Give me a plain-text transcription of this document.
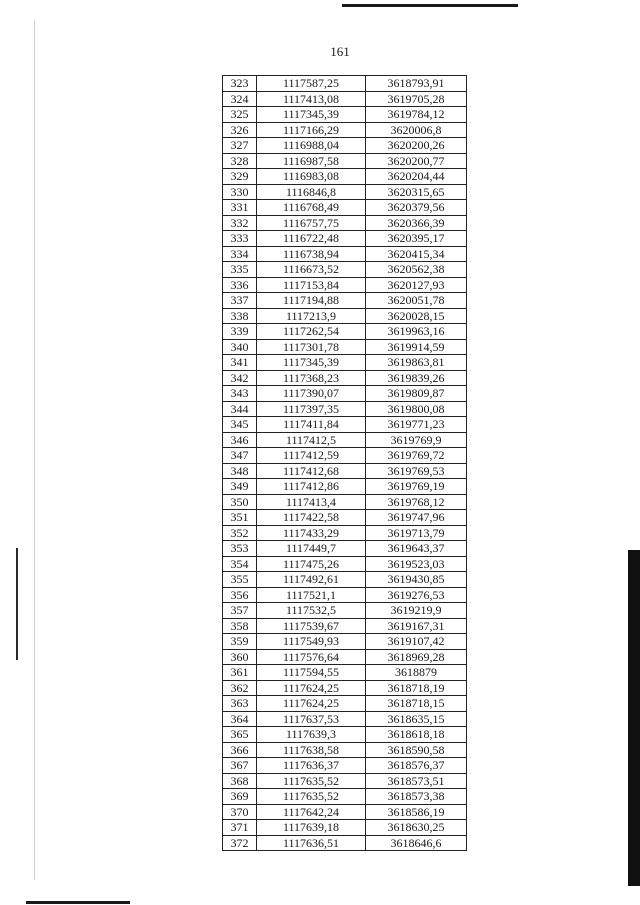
161
323	1117587,25	3618793,91
324	1117413,08	3619705,28
325	1117345,39	3619784,12
326	1117166,29	3620006,8
327	1116988,04	3620200,26
328	1116987,58	3620200,77
329	1116983,08	3620204,44
330	1116846,8	3620315,65
331	1116768,49	3620379,56
332	1116757,75	3620366,39
333	1116722,48	3620395,17
334	1116738,94	3620415,34
335	1116673,52	3620562,38
336	1117153,84	3620127,93
337	1117194,88	3620051,78
338	1117213,9	3620028,15
339	1117262,54	3619963,16
340	1117301,78	3619914,59
341	1117345,39	3619863,81
342	1117368,23	3619839,26
343	1117390,07	3619809,87
344	1117397,35	3619800,08
345	1117411,84	3619771,23
346	1117412,5	3619769,9
347	1117412,59	3619769,72
348	1117412,68	3619769,53
349	1117412,86	3619769,19
350	1117413,4	3619768,12
351	1117422,58	3619747,96
352	1117433,29	3619713,79
353	1117449,7	3619643,37
354	1117475,26	3619523,03
355	1117492,61	3619430,85
356	1117521,1	3619276,53
357	1117532,5	3619219,9
358	1117539,67	3619167,31
359	1117549,93	3619107,42
360	1117576,64	3618969,28
361	1117594,55	3618879
362	1117624,25	3618718,19
363	1117624,25	3618718,15
364	1117637,53	3618635,15
365	1117639,3	3618618,18
366	1117638,58	3618590,58
367	1117636,37	3618576,37
368	1117635,52	3618573,51
369	1117635,52	3618573,38
370	1117642,24	3618586,19
371	1117639,18	3618630,25
372	1117636,51	3618646,6
